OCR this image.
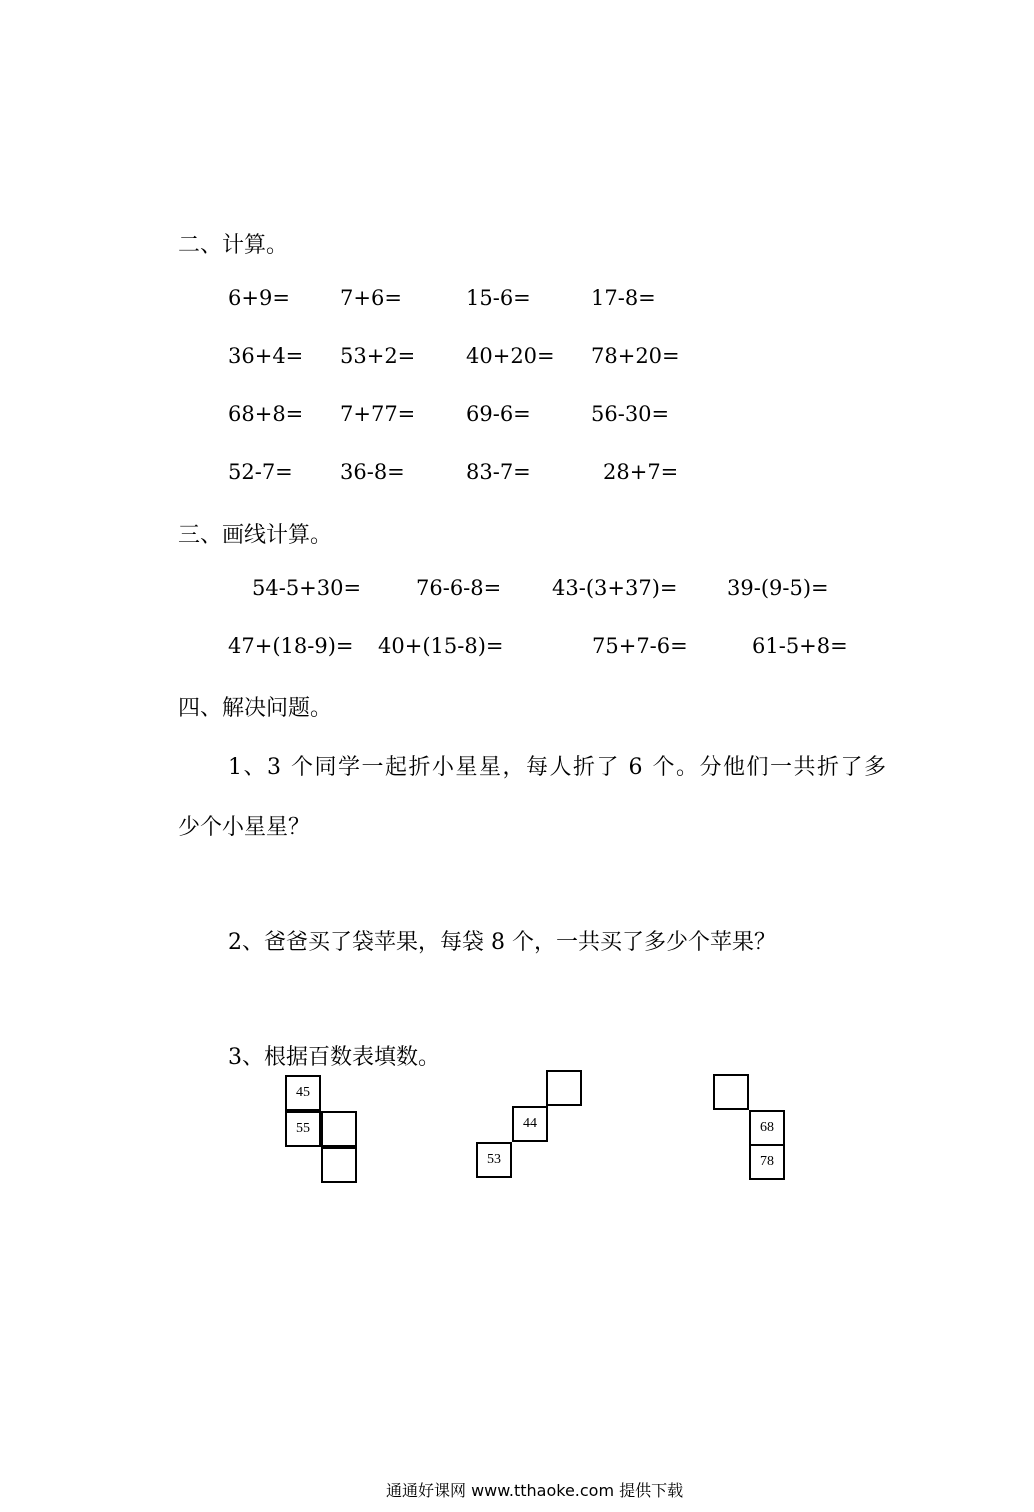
二、计算。
6+9= 7+6=	15-6=	17-8=
36+4= 53+2= 40+20= 78+20=
68+8= 7+77= 69-6=	56-30=
52-7= 36-8=	83-7=	28+7=
三、画线计算。
54-5+30=	76-6-8= 43-(3+37)= 39-(9-5)=
47+(18-9)= 40+(15-8)=	75+7-6=	61-5+8=
四、解决问题。
1、3 个同学一起折小星星，每人折了 6 个。分他们一共折了多
少个小星星？
2、爸爸买了袋苹果，每袋 8 个，一共买了多少个苹果？
3、根据百数表填数。
45
55	44
53
68
78
通通好课网 www.tthaoke.com 提供下载
